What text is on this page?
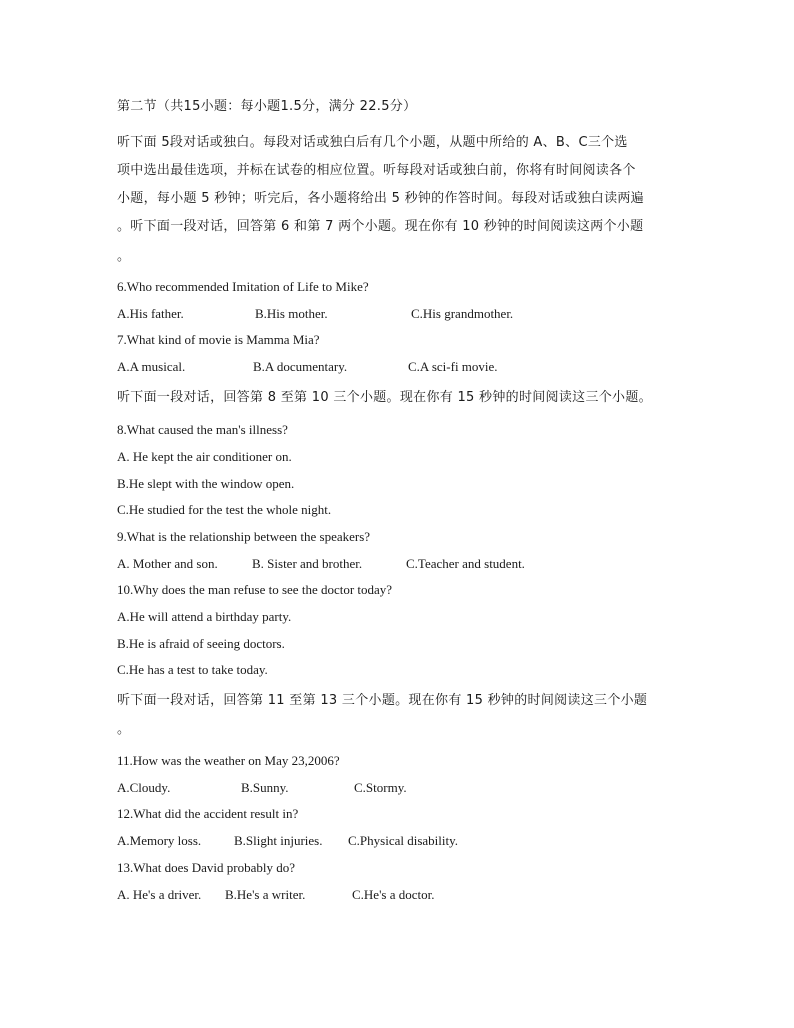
第二节（共15小题：每小题1.5分，满分 22.5分）
听下面 5段对话或独白。每段对话或独白后有几个小题，从题中所给的 A、B、C三个选
项中选出最佳选项，并标在试卷的相应位置。听每段对话或独白前，你将有时间阅读各个
小题，每小题 5 秒钟；听完后，各小题将给出 5 秒钟的作答时间。每段对话或独白读两遍
。听下面一段对话，回答第 6 和第 7 两个小题。现在你有 10 秒钟的时间阅读这两个小题
。
6.Who recommended Imitation of Life to Mike?
A.His father.	B.His mother.	C.His grandmother.
7.What kind of movie is Mamma Mia?
A.A musical.	B.A documentary.	C.A sci-fi movie.
听下面一段对话，回答第 8 至第 10 三个小题。现在你有 15 秒钟的时间阅读这三个小题。
8.What caused the man's illness?
A. He kept the air conditioner on.
B.He slept with the window open.
C.He studied for the test the whole night.
9.What is the relationship between the speakers?
A. Mother and son.	B. Sister and brother.	C.Teacher and student.
10.Why does the man refuse to see the doctor today?
A.He will attend a birthday party.
B.He is afraid of seeing doctors.
C.He has a test to take today.
听下面一段对话，回答第 11 至第 13 三个小题。现在你有 15 秒钟的时间阅读这三个小题
。
11.How was the weather on May 23,2006?
A.Cloudy.	B.Sunny.	C.Stormy.
12.What did the accident result in?
A.Memory loss.	B.Slight injuries. C.Physical disability.
13.What does David probably do?
A. He's a driver. B.He's a writer.	C.He's a doctor.
